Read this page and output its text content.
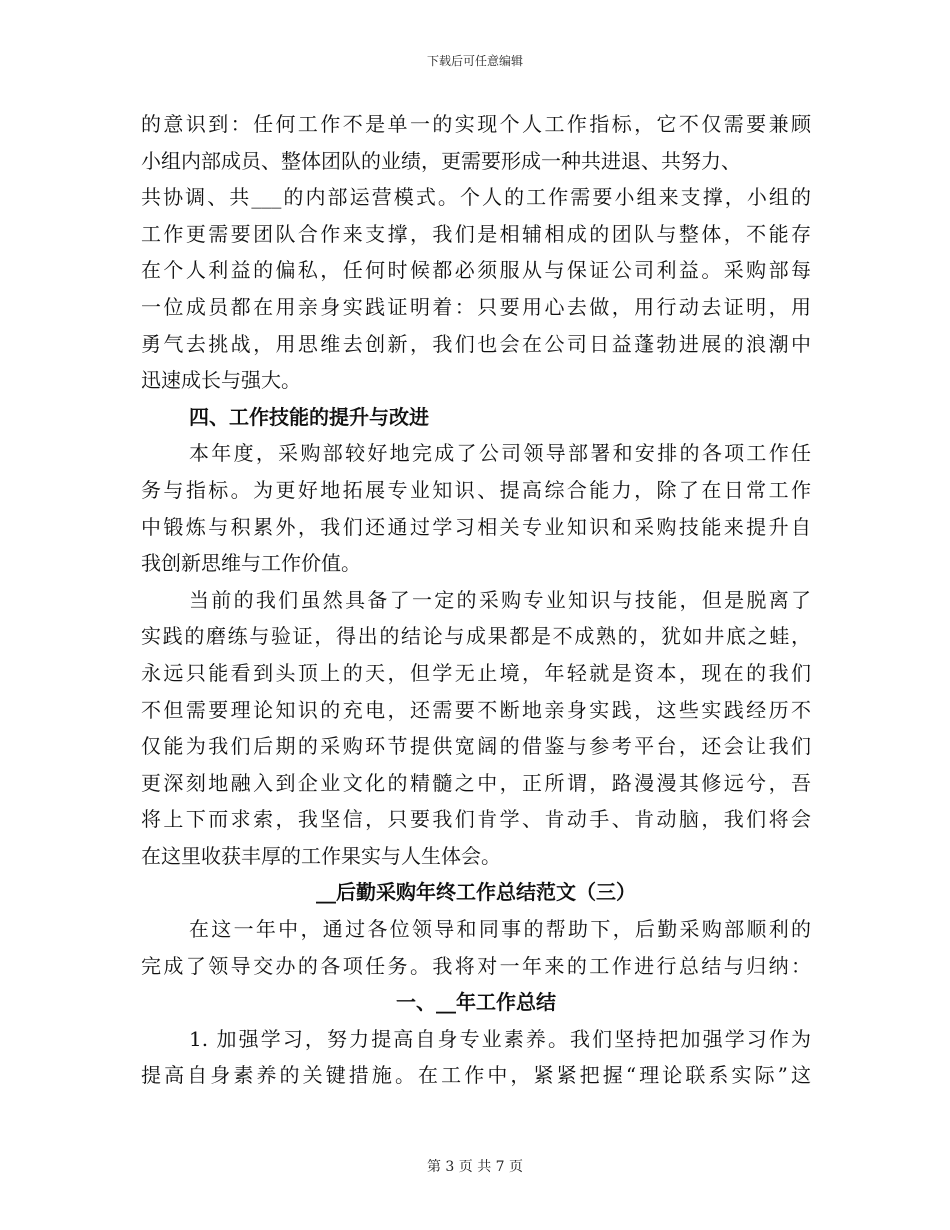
下载后可任意编辑
的意识到：任何工作不是单一的实现个人工作指标，它不仅需要兼顾
小组内部成员、整体团队的业绩，更需要形成一种共进退、共努力、
共协调、共___的内部运营模式。个人的工作需要小组来支撑，小组的
工作更需要团队合作来支撑，我们是相辅相成的团队与整体，不能存
在个人利益的偏私，任何时候都必须服从与保证公司利益。采购部每
一位成员都在用亲身实践证明着：只要用心去做，用行动去证明，用
勇气去挑战，用思维去创新，我们也会在公司日益蓬勃进展的浪潮中
迅速成长与强大。
四、工作技能的提升与改进
本年度，采购部较好地完成了公司领导部署和安排的各项工作任
务与指标。为更好地拓展专业知识、提高综合能力，除了在日常工作
中锻炼与积累外，我们还通过学习相关专业知识和采购技能来提升自
我创新思维与工作价值。
当前的我们虽然具备了一定的采购专业知识与技能，但是脱离了
实践的磨练与验证，得出的结论与成果都是不成熟的，犹如井底之蛙，
永远只能看到头顶上的天，但学无止境，年轻就是资本，现在的我们
不但需要理论知识的充电，还需要不断地亲身实践，这些实践经历不
仅能为我们后期的采购环节提供宽阔的借鉴与参考平台，还会让我们
更深刻地融入到企业文化的精髓之中，正所谓，路漫漫其修远兮，吾
将上下而求索，我坚信，只要我们肯学、肯动手、肯动脑，我们将会
在这里收获丰厚的工作果实与人生体会。
__后勤采购年终工作总结范文（三）
在这一年中，通过各位领导和同事的帮助下，后勤采购部顺利的
完成了领导交办的各项任务。我将对一年来的工作进行总结与归纳：
一、__年工作总结
1. 加强学习，努力提高自身专业素养。我们坚持把加强学习作为
提高自身素养的关键措施。在工作中，紧紧把握“理论联系实际”这
第 3 页 共 7 页
